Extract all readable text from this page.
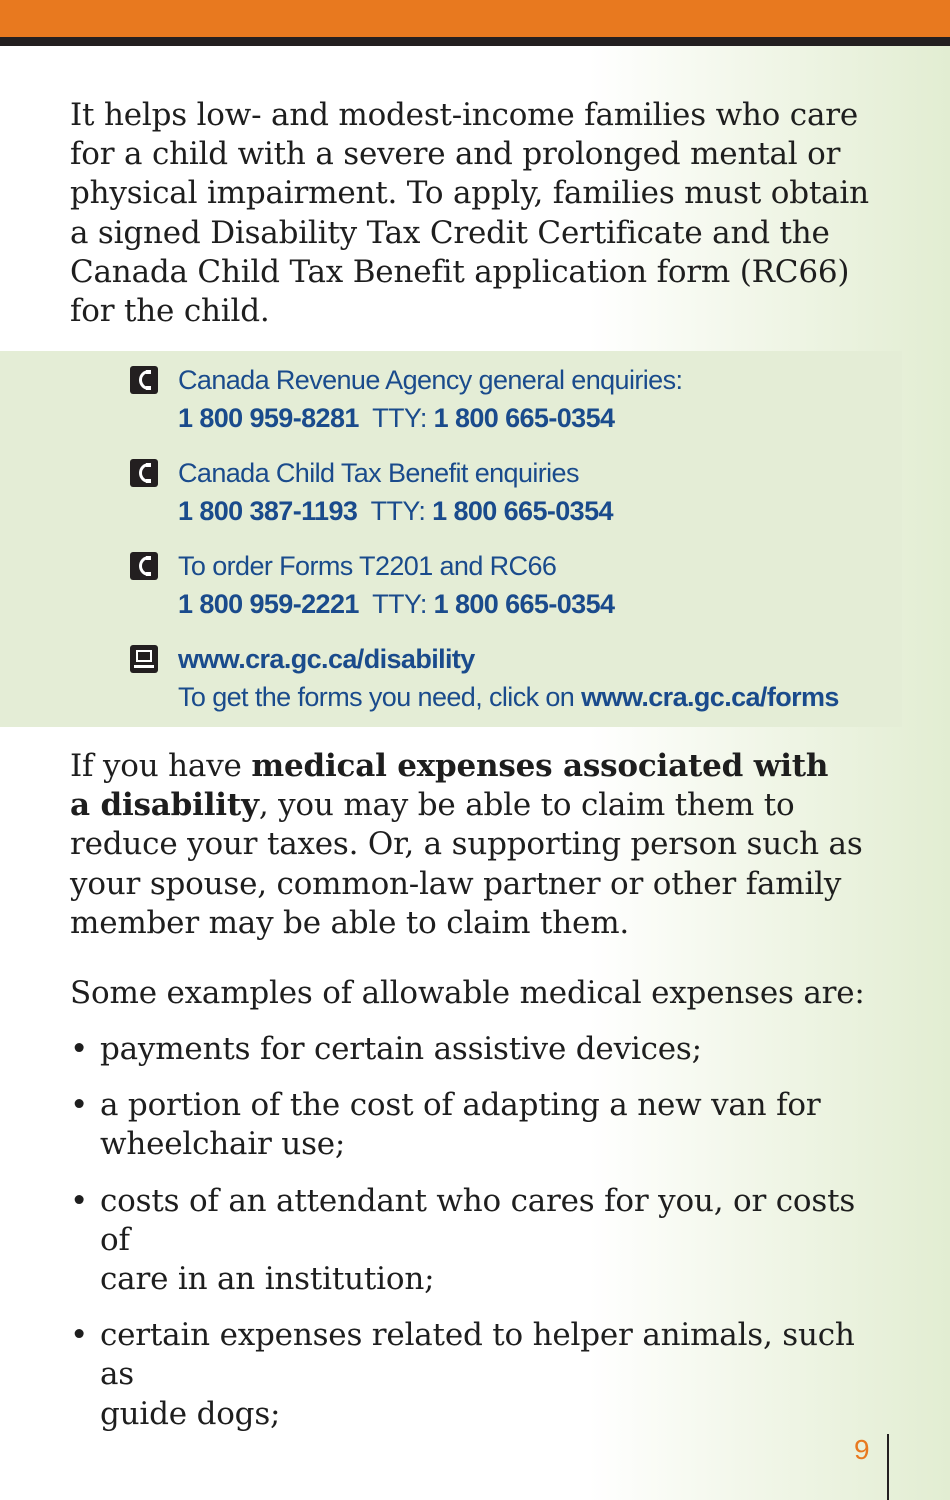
It helps low- and modest-income families who care
for a child with a severe and prolonged mental or
physical impairment. To apply, families must obtain
a signed Disability Tax Credit Certificate and the
Canada Child Tax Benefit application form (RC66)
for the child.

Canada Revenue Agency general enquiries:
1 800 959-8281 TTY: 1 800 665-0354
Canada Child Tax Benefit enquiries
1 800 387-1193 TTY: 1 800 665-0354
To order Forms T2201 and RC66
1 800 959-2221 TTY: 1 800 665-0354
www.cra.gc.ca/disability
To get the forms you need, click on www.cra.gc.ca/forms

If you have medical expenses associated with
a disability, you may be able to claim them to
reduce your taxes. Or, a supporting person such as
your spouse, common-law partner or other family
member may be able to claim them.

Some examples of allowable medical expenses are:

• payments for certain assistive devices;
• a portion of the cost of adapting a new van for
wheelchair use;
• costs of an attendant who cares for you, or costs of
care in an institution;
• certain expenses related to helper animals, such as
guide dogs;
9
